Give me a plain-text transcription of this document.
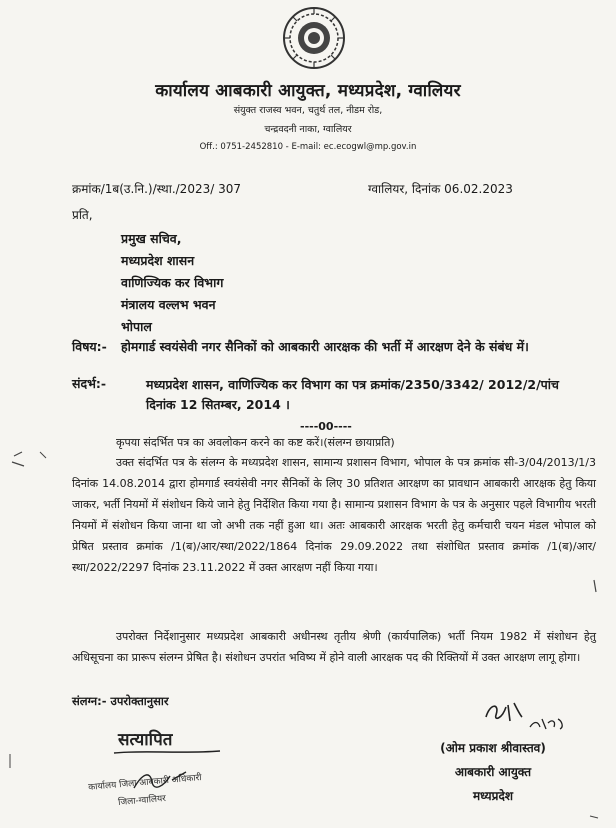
कार्यालय आबकारी आयुक्त, मध्यप्रदेश, ग्वालियर
संयुक्त राजस्व भवन, चतुर्थ तल, नीडम रोड,
चन्द्रवदनी नाका, ग्वालियर
Off.: 0751-2452810 - E-mail: ec.ecogwl@mp.gov.in
क्रमांक/1ब(उ.नि.)/स्था./2023/ 307	ग्वालियर, दिनांक 06.02.2023
प्रति,
प्रमुख सचिव,
मध्यप्रदेश शासन
वाणिज्यिक कर विभाग
मंत्रालय वल्लभ भवन
भोपाल
विषय:- होमगार्ड स्वयंसेवी नगर सैनिकों को आबकारी आरक्षक की भर्ती में आरक्षण देने के संबंध में।
संदर्भ:-	मध्यप्रदेश शासन, वाणिज्यिक कर विभाग का पत्र क्रमांक/2350/3342/ 2012/2/पांच दिनांक 12 सितम्बर, 2014 ।
----00----
कृपया संदर्भित पत्र का अवलोकन करने का कष्ट करें।(संलग्न छायाप्रति)
उक्त संदर्भित पत्र के संलग्न के मध्यप्रदेश शासन, सामान्य प्रशासन विभाग, भोपाल के पत्र क्रमांक सी-3/04/2013/1/3 दिनांक 14.08.2014 द्वारा होमगार्ड स्वयंसेवी नगर सैनिकों के लिए 30 प्रतिशत आरक्षण का प्रावधान आबकारी आरक्षक हेतु किया जाकर, भर्ती नियमों में संशोधन किये जाने हेतु निर्देशित किया गया है। सामान्य प्रशासन विभाग के पत्र के अनुसार पहले विभागीय भरती नियमों में संशोधन किया जाना था जो अभी तक नहीं हुआ था। अतः आबकारी आरक्षक भरती हेतु कर्मचारी चयन मंडल भोपाल को प्रेषित प्रस्ताव क्रमांक /1(ब)/आर/स्था/2022/1864 दिनांक 29.09.2022 तथा संशोधित प्रस्ताव क्रमांक /1(ब)/आर/स्था/2022/2297 दिनांक 23.11.2022 में उक्त आरक्षण नहीं किया गया।
उपरोक्त निर्देशानुसार मध्यप्रदेश आबकारी अधीनस्थ तृतीय श्रेणी (कार्यपालिक) भर्ती नियम 1982 में संशोधन हेतु अधिसूचना का प्रारूप संलग्न प्रेषित है। संशोधन उपरांत भविष्य में होने वाली आरक्षक पद की रिक्तियों में उक्त आरक्षण लागू होगा।
संलग्न:- उपरोक्तानुसार
(ओम प्रकाश श्रीवास्तव)
आबकारी आयुक्त
मध्यप्रदेश
सत्यापित
कार्यालय जिला आबकारी अधिकारी
जिला-ग्वालियर
